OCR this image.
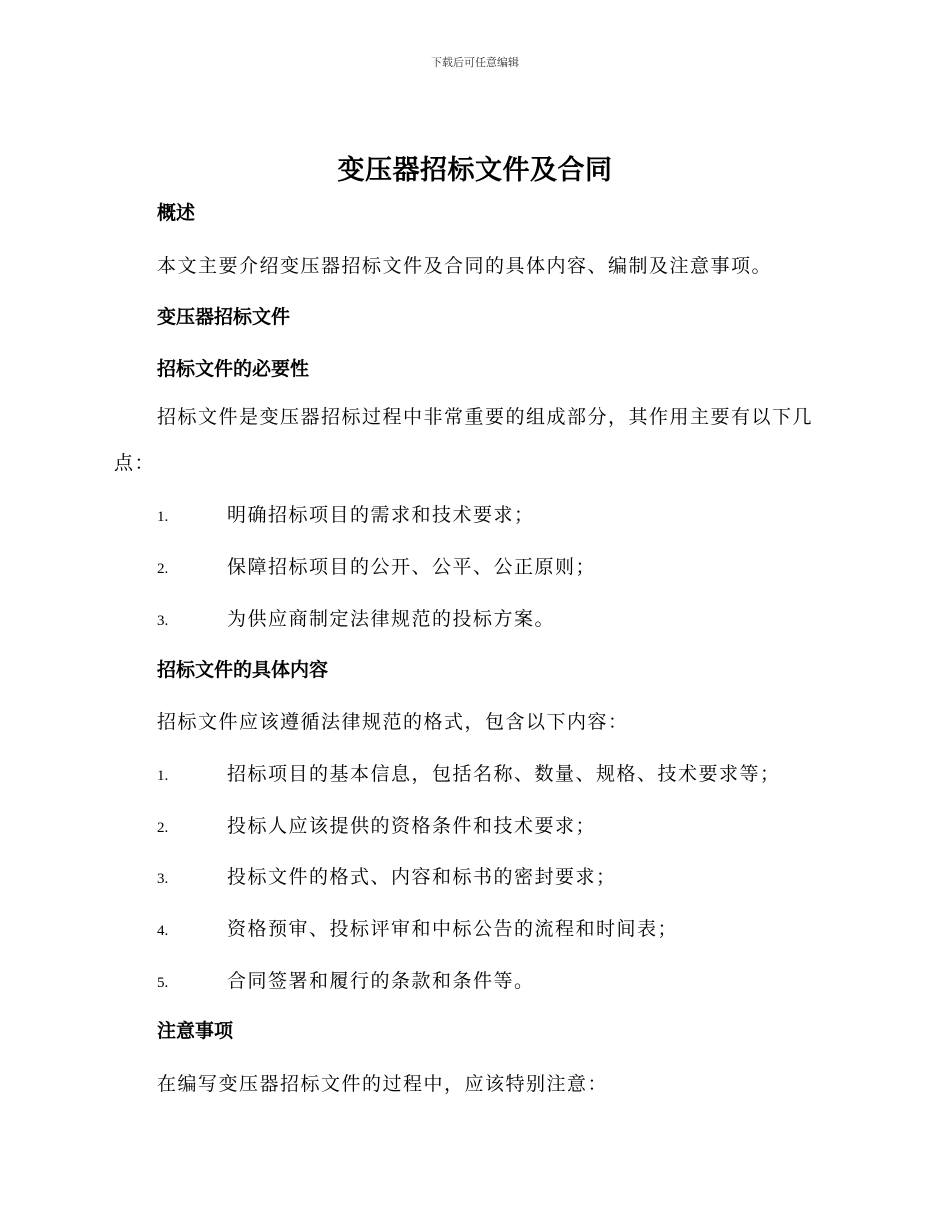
下载后可任意编辑
变压器招标文件及合同
概述
本文主要介绍变压器招标文件及合同的具体内容、编制及注意事项。
变压器招标文件
招标文件的必要性
招标文件是变压器招标过程中非常重要的组成部分，其作用主要有以下几点：
1.	明确招标项目的需求和技术要求；
2.	保障招标项目的公开、公平、公正原则；
3.	为供应商制定法律规范的投标方案。
招标文件的具体内容
招标文件应该遵循法律规范的格式，包含以下内容：
1.	招标项目的基本信息，包括名称、数量、规格、技术要求等；
2.	投标人应该提供的资格条件和技术要求；
3.	投标文件的格式、内容和标书的密封要求；
4.	资格预审、投标评审和中标公告的流程和时间表；
5.	合同签署和履行的条款和条件等。
注意事项
在编写变压器招标文件的过程中，应该特别注意：
